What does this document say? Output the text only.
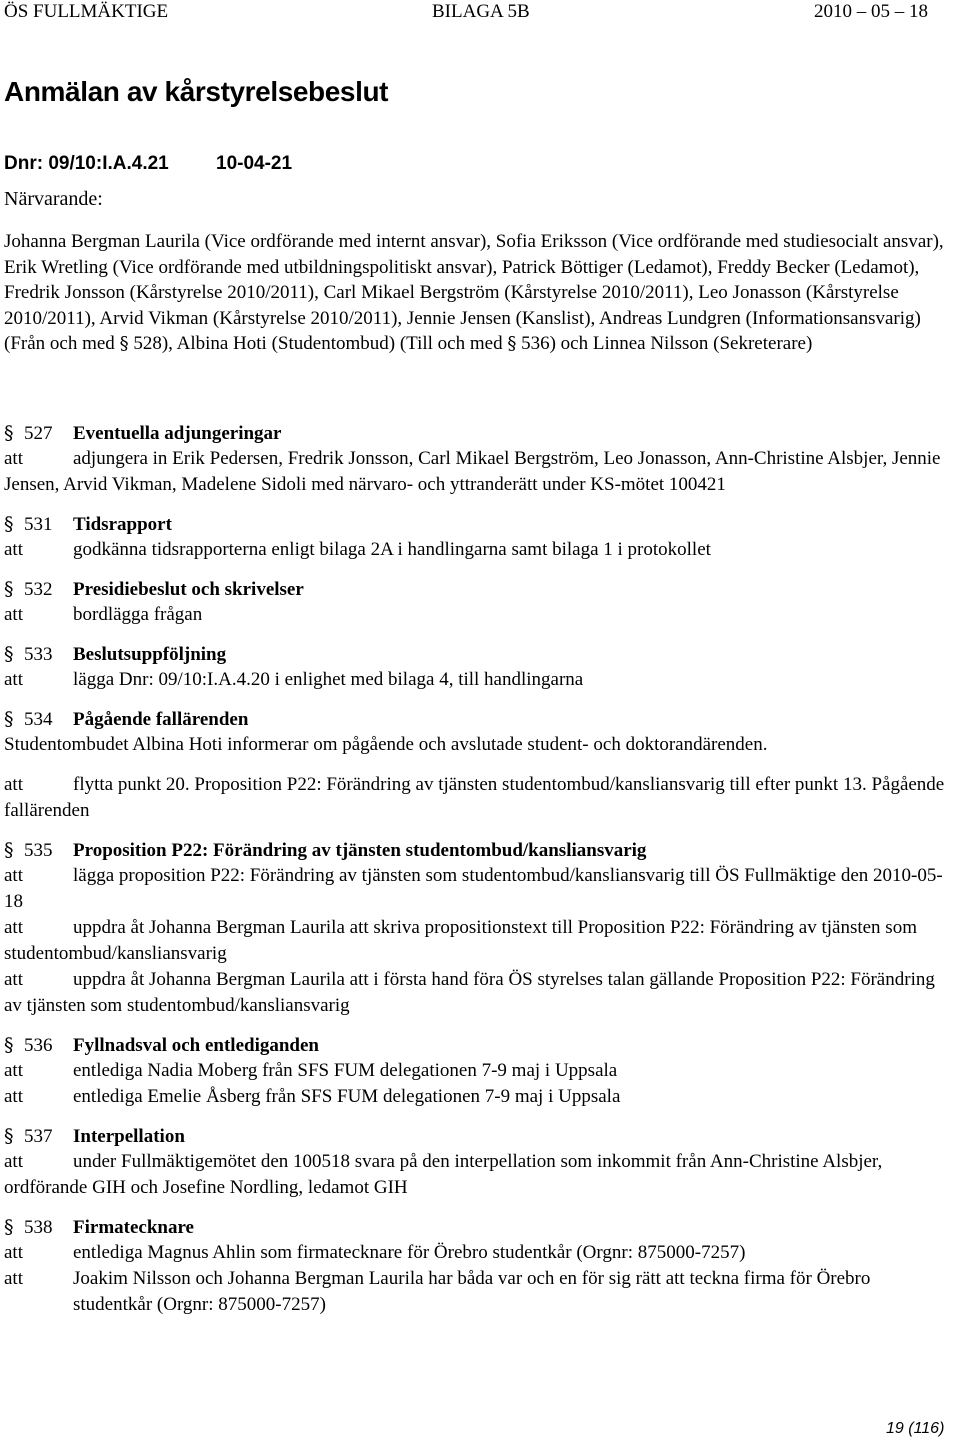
ÖS FULLMÄKTIGE	BILAGA 5B	2010 – 05 – 18
Anmälan av kårstyrelsebeslut
Dnr: 09/10:I.A.4.21 10-04-21
Närvarande:
Johanna Bergman Laurila (Vice ordförande med internt ansvar), Sofia Eriksson (Vice ordförande med studiesocialt ansvar), Erik Wretling (Vice ordförande med utbildningspolitiskt ansvar), Patrick Böttiger (Ledamot), Freddy Becker (Ledamot), Fredrik Jonsson (Kårstyrelse 2010/2011), Carl Mikael Bergström (Kårstyrelse 2010/2011), Leo Jonasson (Kårstyrelse 2010/2011), Arvid Vikman (Kårstyrelse 2010/2011), Jennie Jensen (Kanslist), Andreas Lundgren (Informationsansvarig) (Från och med § 528), Albina Hoti (Studentombud) (Till och med § 536) och Linnea Nilsson (Sekreterare)
§ 527	Eventuella adjungeringar
att	adjungera in Erik Pedersen, Fredrik Jonsson, Carl Mikael Bergström, Leo Jonasson, Ann-Christine Alsbjer, Jennie Jensen, Arvid Vikman, Madelene Sidoli med närvaro- och yttranderätt under KS-mötet 100421
§ 531	Tidsrapport
att	godkänna tidsrapporterna enligt bilaga 2A i handlingarna samt bilaga 1 i protokollet
§ 532	Presidiebeslut och skrivelser
att	bordlägga frågan
§ 533	Beslutsuppföljning
att	lägga Dnr: 09/10:I.A.4.20 i enlighet med bilaga 4, till handlingarna
§ 534	Pågående fallärenden
Studentombudet Albina Hoti informerar om pågående och avslutade student- och doktorandärenden.
att	flytta punkt 20. Proposition P22: Förändring av tjänsten studentombud/kansliansvarig till efter punkt 13. Pågående fallärenden
§ 535	Proposition P22: Förändring av tjänsten studentombud/kansliansvarig
att	lägga proposition P22: Förändring av tjänsten som studentombud/kansliansvarig till ÖS Fullmäktige den 2010-05-18
att	uppdra åt Johanna Bergman Laurila att skriva propositionstext till Proposition P22: Förändring av tjänsten som studentombud/kansliansvarig
att	uppdra åt Johanna Bergman Laurila att i första hand föra ÖS styrelses talan gällande Proposition P22: Förändring av tjänsten som studentombud/kansliansvarig
§ 536	Fyllnadsval och entlediganden
att	entlediga Nadia Moberg från SFS FUM delegationen 7-9 maj i Uppsala
att	entlediga Emelie Åsberg från SFS FUM delegationen 7-9 maj i Uppsala
§ 537	Interpellation
att	under Fullmäktigemötet den 100518 svara på den interpellation som inkommit från Ann-Christine Alsbjer, ordförande GIH och Josefine Nordling, ledamot GIH
§ 538	Firmatecknare
att	entlediga Magnus Ahlin som firmatecknare för Örebro studentkår (Orgnr: 875000-7257)
att	Joakim Nilsson och Johanna Bergman Laurila har båda var och en för sig rätt att teckna firma för Örebro studentkår (Orgnr: 875000-7257)
19 (116)
